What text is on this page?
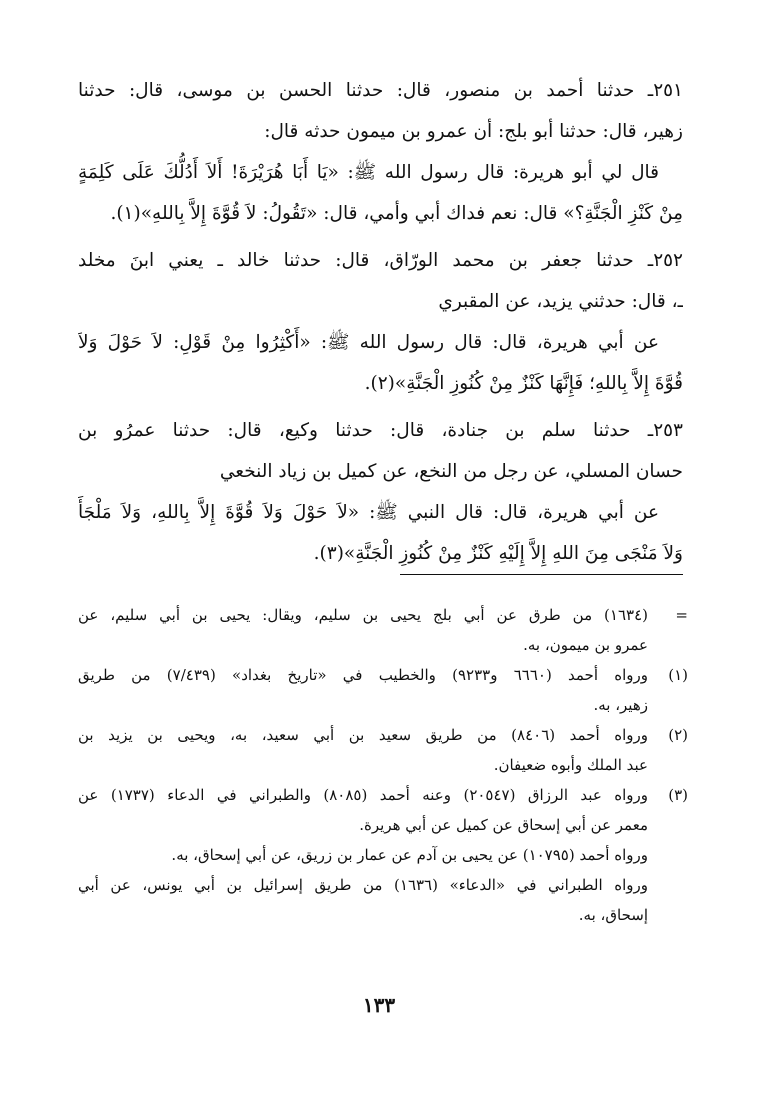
٢٥١ـ حدثنا أحمد بن منصور، قال: حدثنا الحسن بن موسى، قال: حدثنا
زهير، قال: حدثنا أبو بلج: أن عمرو بن ميمون حدثه قال:
قال لي أبو هريرة: قال رسول الله ﷺ: «يَا أَبَا هُرَيْرَةَ! أَلاَ أَدُلُّكَ عَلَى كَلِمَةٍ
مِنْ كَنْزِ الْجَنَّةِ؟» قال: نعم فداك أبي وأمي، قال: «تَقُولُ: لاَ قُوَّةَ إِلاَّ بِاللهِ»(١).
٢٥٢ـ حدثنا جعفر بن محمد الورّاق، قال: حدثنا خالد ـ يعني ابنَ مخلد
ـ، قال: حدثني يزيد، عن المقبري
عن أبي هريرة، قال: قال رسول الله ﷺ: «أَكْثِرُوا مِنْ قَوْلِ: لاَ حَوْلَ وَلاَ
قُوَّةَ إِلاَّ بِاللهِ؛ فَإِنَّهَا كَنْزٌ مِنْ كُنُوزِ الْجَنَّةِ»(٢).
٢٥٣ـ حدثنا سلم بن جنادة، قال: حدثنا وكيع، قال: حدثنا عمرُو بن
حسان المسلي، عن رجل من النخع، عن كميل بن زياد النخعي
عن أبي هريرة، قال: قال النبي ﷺ: «لاَ حَوْلَ وَلاَ قُوَّةَ إِلاَّ بِاللهِ، وَلاَ مَلْجَأَ
وَلاَ مَنْجَى مِنَ اللهِ إِلاَّ إِلَيْهِ كَنْزٌ مِنْ كُنُوزِ الْجَنَّةِ»(٣).
=
(١٦٣٤) من طرق عن أبي بلج يحيى بن سليم، ويقال: يحيى بن أبي سليم، عن
عمرو بن ميمون، به.
(١)
ورواه أحمد (٦٦٦٠ و٩٢٣٣) والخطيب في «تاريخ بغداد» (٧/٤٣٩) من طريق
زهير، به.
(٢)
ورواه أحمد (٨٤٠٦) من طريق سعيد بن أبي سعيد، به، ويحيى بن يزيد بن
عبد الملك وأبوه ضعيفان.
(٣)
ورواه عبد الرزاق (٢٠٥٤٧) وعنه أحمد (٨٠٨٥) والطبراني في الدعاء (١٧٣٧) عن
معمر عن أبي إسحاق عن كميل عن أبي هريرة.
ورواه أحمد (١٠٧٩٥) عن يحيى بن آدم عن عمار بن زريق، عن أبي إسحاق، به.
ورواه الطبراني في «الدعاء» (١٦٣٦) من طريق إسرائيل بن أبي يونس، عن أبي
إسحاق، به.
١٣٣
